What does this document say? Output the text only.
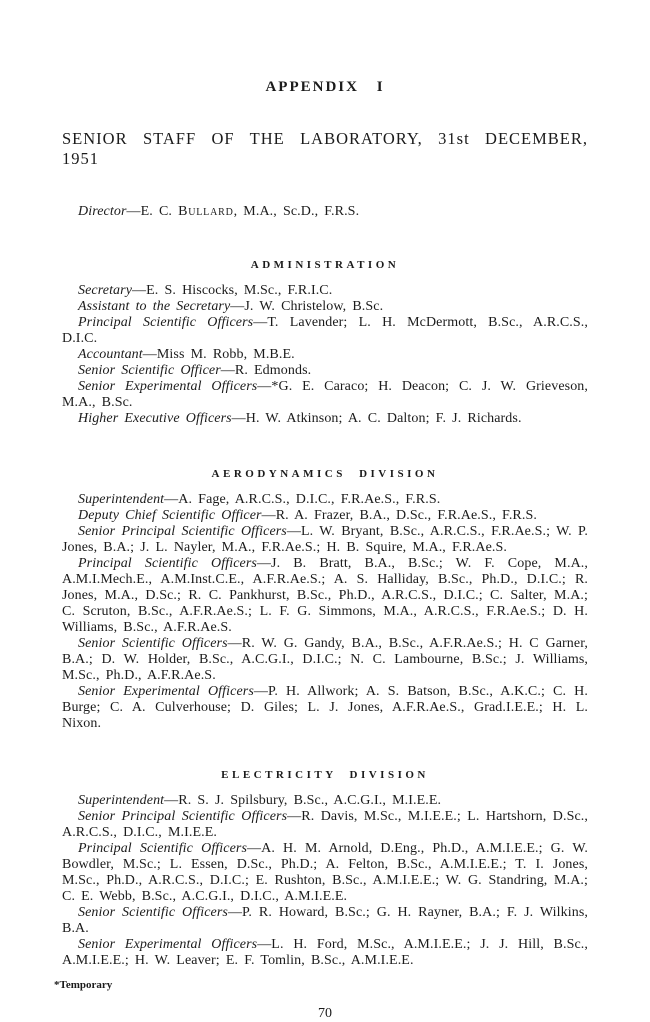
APPENDIX I
SENIOR STAFF OF THE LABORATORY, 31st DECEMBER, 1951

Director—E. C. Bullard, M.A., Sc.D., F.R.S.

ADMINISTRATION

Secretary—E. S. Hiscocks, M.Sc., F.R.I.C.

Assistant to the Secretary—J. W. Christelow, B.Sc.

Principal Scientific Officers—T. Lavender; L. H. McDermott, B.Sc., A.R.C.S., D.I.C.

Accountant—Miss M. Robb, M.B.E.

Senior Scientific Officer—R. Edmonds.

Senior Experimental Officers—*G. E. Caraco; H. Deacon; C. J. W. Grieveson, M.A., B.Sc.

Higher Executive Officers—H. W. Atkinson; A. C. Dalton; F. J. Richards.

AERODYNAMICS DIVISION

Superintendent—A. Fage, A.R.C.S., D.I.C., F.R.Ae.S., F.R.S.

Deputy Chief Scientific Officer—R. A. Frazer, B.A., D.Sc., F.R.Ae.S., F.R.S.

Senior Principal Scientific Officers—L. W. Bryant, B.Sc., A.R.C.S., F.R.Ae.S.; W. P. Jones, B.A.; J. L. Nayler, M.A., F.R.Ae.S.; H. B. Squire, M.A., F.R.Ae.S.

Principal Scientific Officers—J. B. Bratt, B.A., B.Sc.; W. F. Cope, M.A., A.M.I.Mech.E., A.M.Inst.C.E., A.F.R.Ae.S.; A. S. Halliday, B.Sc., Ph.D., D.I.C.; R. Jones, M.A., D.Sc.; R. C. Pankhurst, B.Sc., Ph.D., A.R.C.S., D.I.C.; C. Salter, M.A.; C. Scruton, B.Sc., A.F.R.Ae.S.; L. F. G. Simmons, M.A., A.R.C.S., F.R.Ae.S.; D. H. Williams, B.Sc., A.F.R.Ae.S.

Senior Scientific Officers—R. W. G. Gandy, B.A., B.Sc., A.F.R.Ae.S.; H. C Garner, B.A.; D. W. Holder, B.Sc., A.C.G.I., D.I.C.; N. C. Lambourne, B.Sc.; J. Williams, M.Sc., Ph.D., A.F.R.Ae.S.

Senior Experimental Officers—P. H. Allwork; A. S. Batson, B.Sc., A.K.C.; C. H. Burge; C. A. Culverhouse; D. Giles; L. J. Jones, A.F.R.Ae.S., Grad.I.E.E.; H. L. Nixon.

ELECTRICITY DIVISION

Superintendent—R. S. J. Spilsbury, B.Sc., A.C.G.I., M.I.E.E.

Senior Principal Scientific Officers—R. Davis, M.Sc., M.I.E.E.; L. Hartshorn, D.Sc., A.R.C.S., D.I.C., M.I.E.E.

Principal Scientific Officers—A. H. M. Arnold, D.Eng., Ph.D., A.M.I.E.E.; G. W. Bowdler, M.Sc.; L. Essen, D.Sc., Ph.D.; A. Felton, B.Sc., A.M.I.E.E.; T. I. Jones, M.Sc., Ph.D., A.R.C.S., D.I.C.; E. Rushton, B.Sc., A.M.I.E.E.; W. G. Standring, M.A.; C. E. Webb, B.Sc., A.C.G.I., D.I.C., A.M.I.E.E.

Senior Scientific Officers—P. R. Howard, B.Sc.; G. H. Rayner, B.A.; F. J. Wilkins, B.A.

Senior Experimental Officers—L. H. Ford, M.Sc., A.M.I.E.E.; J. J. Hill, B.Sc., A.M.I.E.E.; H. W. Leaver; E. F. Tomlin, B.Sc., A.M.I.E.E.

*Temporary
70
